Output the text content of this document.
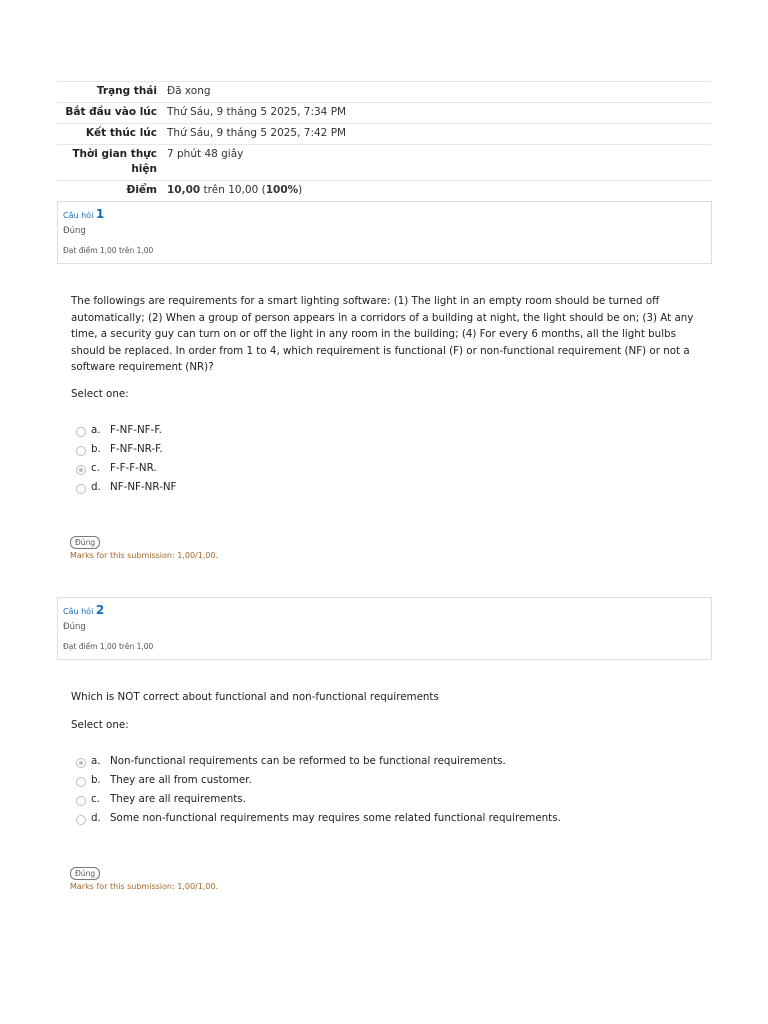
Trạng thái	Đã xong
Bắt đầu vào lúc	Thứ Sáu, 9 tháng 5 2025, 7:34 PM
Kết thúc lúc	Thứ Sáu, 9 tháng 5 2025, 7:42 PM
Thời gian thực hiện	7 phút 48 giây
Điểm	10,00 trên 10,00 (100%)
Câu hỏi 1
Đúng
Đạt điểm 1,00 trên 1,00
The followings are requirements for a smart lighting software: (1) The light in an empty room should be turned off automatically; (2) When a group of person appears in a corridors of a building at night, the light should be on; (3) At any time, a security guy can turn on or off the light in any room in the building; (4) For every 6 months, all the light bulbs should be replaced. In order from 1 to 4, which requirement is functional (F) or non-functional requirement (NF) or not a software requirement (NR)?
Select one:
a. F-NF-NF-F.
b. F-NF-NR-F.
c. F-F-F-NR.
d. NF-NF-NR-NF
Đúng
Marks for this submission: 1,00/1,00.
Câu hỏi 2
Đúng
Đạt điểm 1,00 trên 1,00
Which is NOT correct about functional and non-functional requirements
Select one:
a. Non-functional requirements can be reformed to be functional requirements.
b. They are all from customer.
c. They are all requirements.
d. Some non-functional requirements may requires some related functional requirements.
Đúng
Marks for this submission: 1,00/1,00.
